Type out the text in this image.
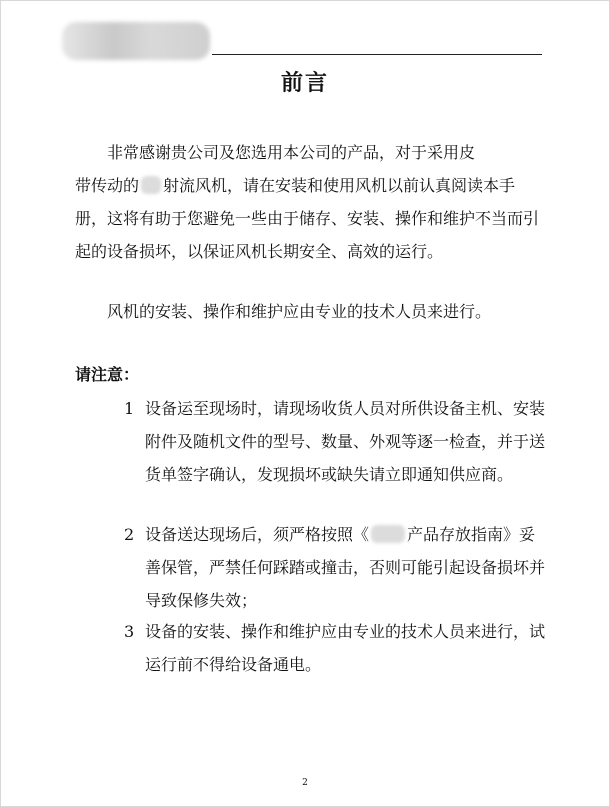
前言

非常感谢贵公司及您选用本公司的产品，对于采用皮
带传动的 射流风机，请在安装和使用风机以前认真阅读本手册，这将有助于您避免一些由于储存、安装、操作和维护不当而引起的设备损坏，以保证风机长期安全、高效的运行。

风机的安装、操作和维护应由专业的技术人员来进行。

请注意：

1 设备运至现场时，请现场收货人员对所供设备主机、安装附件及随机文件的型号、数量、外观等逐一检查，并于送货单签字确认，发现损坏或缺失请立即通知供应商。
2 设备送达现场后，须严格按照《 产品存放指南》妥善保管，严禁任何踩踏或撞击，否则可能引起设备损坏并导致保修失效；
3 设备的安装、操作和维护应由专业的技术人员来进行，试运行前不得给设备通电。
2
